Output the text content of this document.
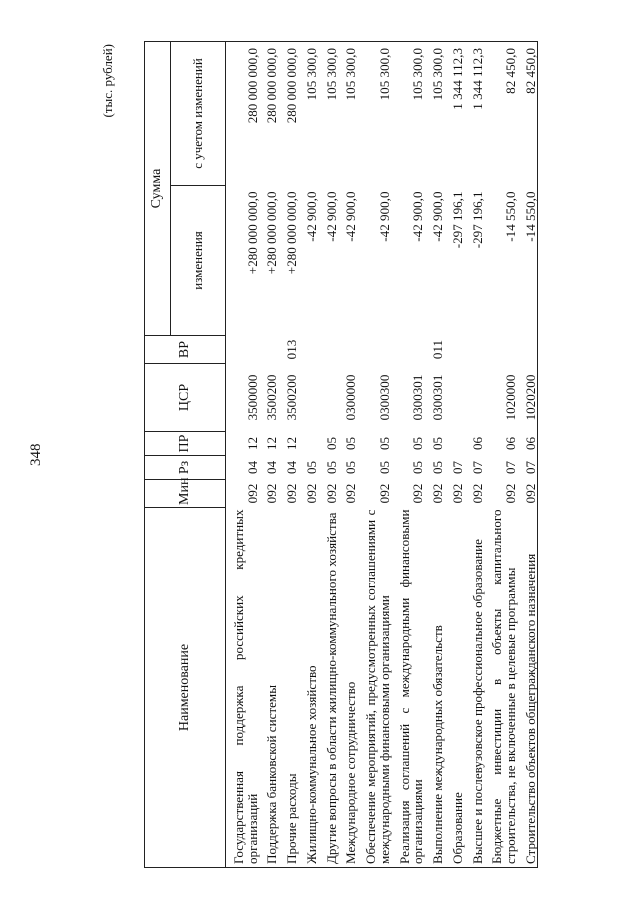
348
(тыс. рублей)
Наименование	Мин	Рз	ПР	ЦСР	ВР	Сумма	
						изменения	с учетом изменений
Государственная поддержка российских кредитных организаций	092	04	12	3500000		+280 000 000,0	280 000 000,0
Поддержка банковской системы	092	04	12	3500200		+280 000 000,0	280 000 000,0
Прочие расходы	092	04	12	3500200	013	+280 000 000,0	280 000 000,0
Жилищно-коммунальное хозяйство	092	05				-42 900,0	105 300,0
Другие вопросы в области жилищно-коммунального хозяйства	092	05	05			-42 900,0	105 300,0
Международное сотрудничество	092	05	05	0300000		-42 900,0	105 300,0
Обеспечение мероприятий, предусмотренных соглашениями с международными финансовыми организациями	092	05	05	0300300		-42 900,0	105 300,0
Реализация соглашений с международными финансовыми организациями	092	05	05	0300301		-42 900,0	105 300,0
Выполнение международных обязательств	092	05	05	0300301	011	-42 900,0	105 300,0
Образование	092	07				-297 196,1	1 344 112,3
Высшее и послевузовское профессиональное образование	092	07	06			-297 196,1	1 344 112,3
Бюджетные инвестиции в объекты капитального строительства, не включенные в целевые программы	092	07	06	1020000		-14 550,0	82 450,0
Строительство объектов общегражданского назначения	092	07	06	1020200		-14 550,0	82 450,0
